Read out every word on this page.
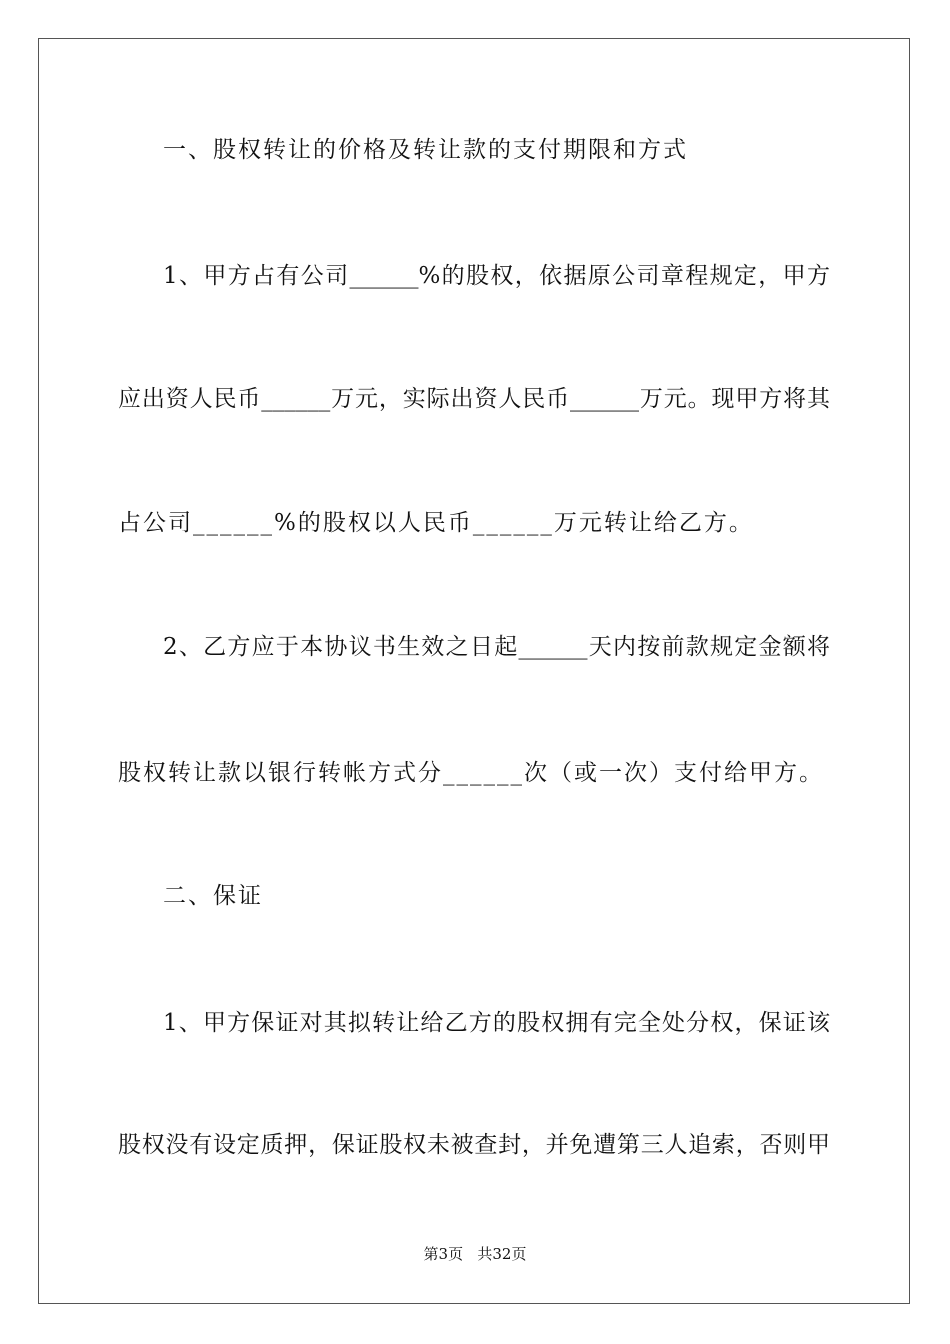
一、股权转让的价格及转让款的支付期限和方式
1、甲方占有公司______%的股权，依据原公司章程规定，甲方
应出资人民币______万元，实际出资人民币______万元。现甲方将其
占公司______%的股权以人民币______万元转让给乙方。
2、乙方应于本协议书生效之日起______天内按前款规定金额将
股权转让款以银行转帐方式分______次（或一次）支付给甲方。
二、保证
1、甲方保证对其拟转让给乙方的股权拥有完全处分权，保证该
股权没有设定质押，保证股权未被查封，并免遭第三人追索，否则甲
第3页   共32页
